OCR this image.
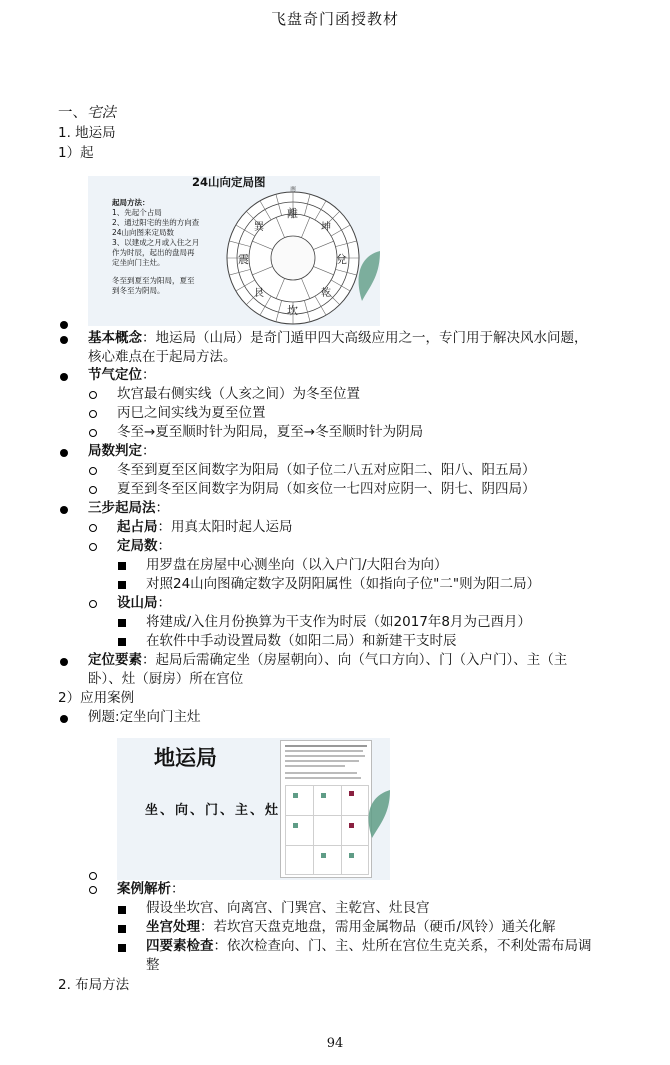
飞盘奇门函授教材
一、宅法
1. 地运局
1）起
24山向定局图
起局方法：
1、先起个占局
2、通过阳宅的坐的方向查
24山向图来定局数
3、以建成之月或入住之月
作为时辰，起出的盘局再
定坐向门主灶。
冬至到夏至为阳局，夏至
到冬至为阴局。
南
坎
離
震	兌
乾
坤
巽
艮
基本概念：地运局（山局）是奇门遁甲四大高级应用之一，专门用于解决风水问题，
核心难点在于起局方法。
节气定位：
坎宫最右侧实线（人亥之间）为冬至位置
丙巳之间实线为夏至位置
冬至→夏至顺时针为阳局，夏至→冬至顺时针为阴局
局数判定：
冬至到夏至区间数字为阳局（如子位二八五对应阳二、阳八、阳五局）
夏至到冬至区间数字为阴局（如亥位一七四对应阴一、阴七、阴四局）
三步起局法：
起占局：用真太阳时起人运局
定局数：
用罗盘在房屋中心测坐向（以入户门/大阳台为向）
对照24山向图确定数字及阴阳属性（如指向子位"二"则为阳二局）
设山局：
将建成/入住月份换算为干支作为时辰（如2017年8月为己酉月）
在软件中手动设置局数（如阳二局）和新建干支时辰
定位要素：起局后需确定坐（房屋朝向）、向（气口方向）、门（入户门）、主（主
卧）、灶（厨房）所在宫位
2）应用案例
例题:定坐向门主灶
地运局
坐、向、门、主、灶
案例解析：
假设坐坎宫、向离宫、门巽宫、主乾宫、灶艮宫
坐宫处理：若坎宫天盘克地盘，需用金属物品（硬币/风铃）通关化解
四要素检查：依次检查向、门、主、灶所在宫位生克关系，不利处需布局调
整
2. 布局方法
94
